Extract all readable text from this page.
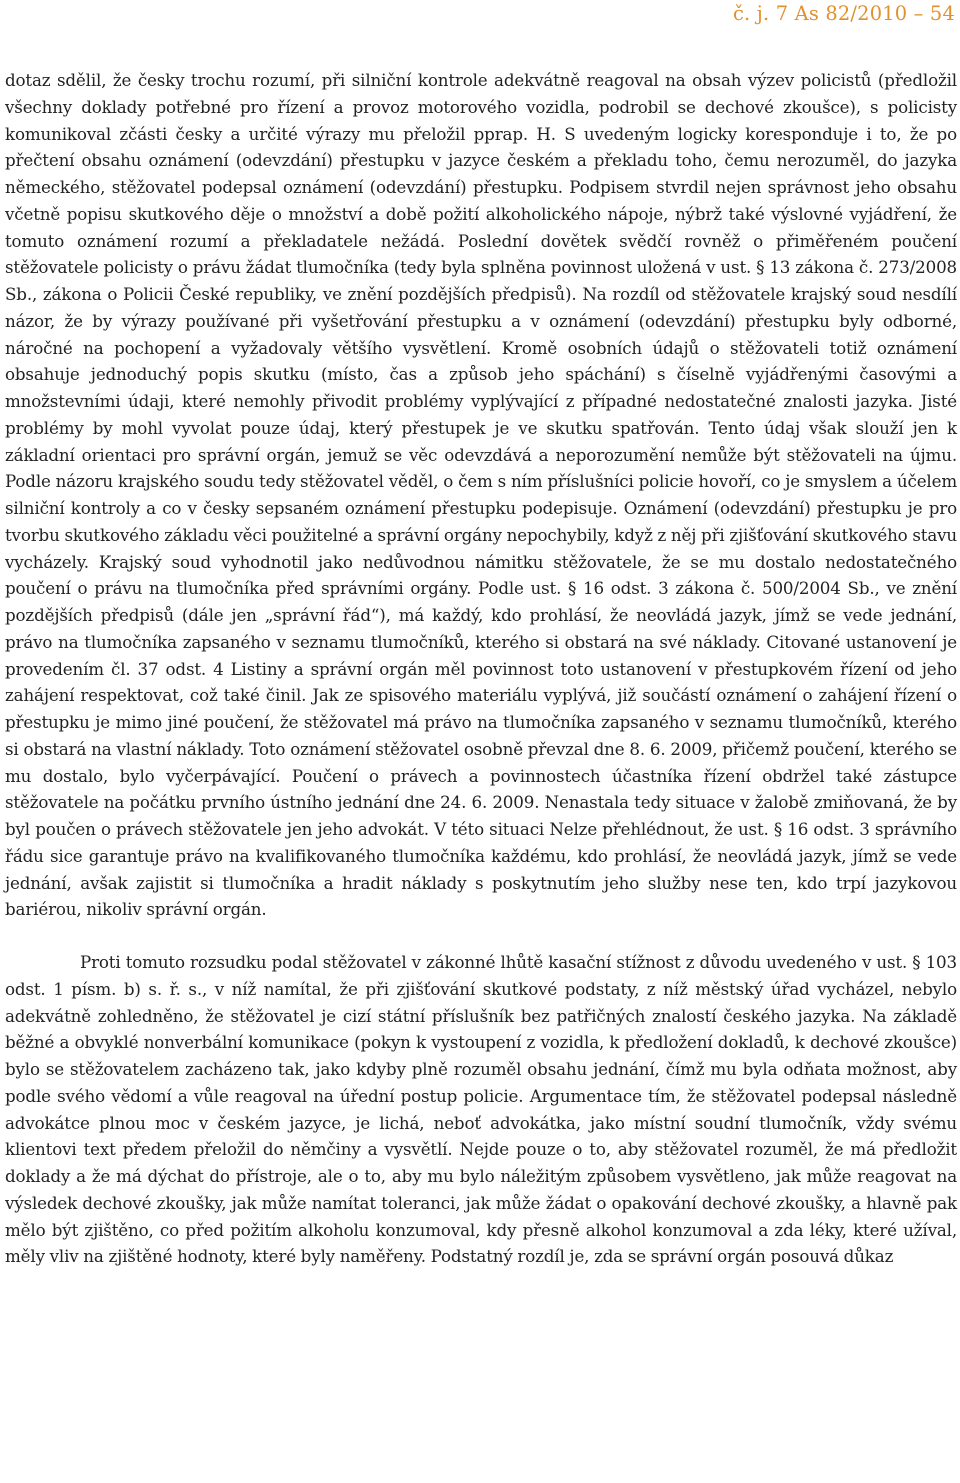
č. j. 7 As 82/2010 – 54

dotaz sdělil, že česky trochu rozumí, při silniční kontrole adekvátně reagoval na obsah výzev policistů (předložil všechny doklady potřebné pro řízení a provoz motorového vozidla, podrobil se dechové zkoušce), s policisty komunikoval zčásti česky a určité výrazy mu přeložil pprap. H. S uvedeným logicky koresponduje i to, že po přečtení obsahu oznámení (odevzdání) přestupku v jazyce českém a překladu toho, čemu nerozuměl, do jazyka německého, stěžovatel podepsal oznámení (odevzdání) přestupku. Podpisem stvrdil nejen správnost jeho obsahu včetně popisu skutkového děje o množství a době požití alkoholického nápoje, nýbrž také výslovné vyjádření, že tomuto oznámení rozumí a překladatele nežádá. Poslední dovětek svědčí rovněž o přiměřeném poučení stěžovatele policisty o právu žádat tlumočníka (tedy byla splněna povinnost uložená v ust. § 13 zákona č. 273/2008 Sb., zákona o Policii České republiky, ve znění pozdějších předpisů). Na rozdíl od stěžovatele krajský soud nesdílí názor, že by výrazy používané při vyšetřování přestupku a v oznámení (odevzdání) přestupku byly odborné, náročné na pochopení a vyžadovaly většího vysvětlení. Kromě osobních údajů o stěžovateli totiž oznámení obsahuje jednoduchý popis skutku (místo, čas a způsob jeho spáchání) s číselně vyjádřenými časovými a množstevními údaji, které nemohly přivodit problémy vyplývající z případné nedostatečné znalosti jazyka. Jisté problémy by mohl vyvolat pouze údaj, který přestupek je ve skutku spatřován. Tento údaj však slouží jen k základní orientaci pro správní orgán, jemuž se věc odevzdává a neporozumění nemůže být stěžovateli na újmu. Podle názoru krajského soudu tedy stěžovatel věděl, o čem s ním příslušníci policie hovoří, co je smyslem a účelem silniční kontroly a co v česky sepsaném oznámení přestupku podepisuje. Oznámení (odevzdání) přestupku je pro tvorbu skutkového základu věci použitelné a správní orgány nepochybily, když z něj při zjišťování skutkového stavu vycházely. Krajský soud vyhodnotil jako nedůvodnou námitku stěžovatele, že se mu dostalo nedostatečného poučení o právu na tlumočníka před správními orgány. Podle ust. § 16 odst. 3 zákona č. 500/2004 Sb., ve znění pozdějších předpisů (dále jen „správní řád“), má každý, kdo prohlásí, že neovládá jazyk, jímž se vede jednání, právo na tlumočníka zapsaného v seznamu tlumočníků, kterého si obstará na své náklady. Citované ustanovení je provedením čl. 37 odst. 4 Listiny a správní orgán měl povinnost toto ustanovení v přestupkovém řízení od jeho zahájení respektovat, což také činil. Jak ze spisového materiálu vyplývá, již součástí oznámení o zahájení řízení o přestupku je mimo jiné poučení, že stěžovatel má právo na tlumočníka zapsaného v seznamu tlumočníků, kterého si obstará na vlastní náklady. Toto oznámení stěžovatel osobně převzal dne 8. 6. 2009, přičemž poučení, kterého se mu dostalo, bylo vyčerpávající. Poučení o právech a povinnostech účastníka řízení obdržel také zástupce stěžovatele na počátku prvního ústního jednání dne 24. 6. 2009. Nenastala tedy situace v žalobě zmiňovaná, že by byl poučen o právech stěžovatele jen jeho advokát. V této situaci Nelze přehlédnout, že ust. § 16 odst. 3 správního řádu sice garantuje právo na kvalifikovaného tlumočníka každému, kdo prohlásí, že neovládá jazyk, jímž se vede jednání, avšak zajistit si tlumočníka a hradit náklady s poskytnutím jeho služby nese ten, kdo trpí jazykovou bariérou, nikoliv správní orgán.

Proti tomuto rozsudku podal stěžovatel v zákonné lhůtě kasační stížnost z důvodu uvedeného v ust. § 103 odst. 1 písm. b) s. ř. s., v níž namítal, že při zjišťování skutkové podstaty, z níž městský úřad vycházel, nebylo adekvátně zohledněno, že stěžovatel je cizí státní příslušník bez patřičných znalostí českého jazyka. Na základě běžné a obvyklé nonverbální komunikace (pokyn k vystoupení z vozidla, k předložení dokladů, k dechové zkoušce) bylo se stěžovatelem zacházeno tak, jako kdyby plně rozuměl obsahu jednání, čímž mu byla odňata možnost, aby podle svého vědomí a vůle reagoval na úřední postup policie. Argumentace tím, že stěžovatel podepsal následně advokátce plnou moc v českém jazyce, je lichá, neboť advokátka, jako místní soudní tlumočník, vždy svému klientovi text předem přeložil do němčiny a vysvětlí. Nejde pouze o to, aby stěžovatel rozuměl, že má předložit doklady a že má dýchat do přístroje, ale o to, aby mu bylo náležitým způsobem vysvětleno, jak může reagovat na výsledek dechové zkoušky, jak může namítat toleranci, jak může žádat o opakování dechové zkoušky, a hlavně pak mělo být zjištěno, co před požitím alkoholu konzumoval, kdy přesně alkohol konzumoval a zda léky, které užíval, měly vliv na zjištěné hodnoty, které byly naměřeny. Podstatný rozdíl je, zda se správní orgán posouvá důkaz
